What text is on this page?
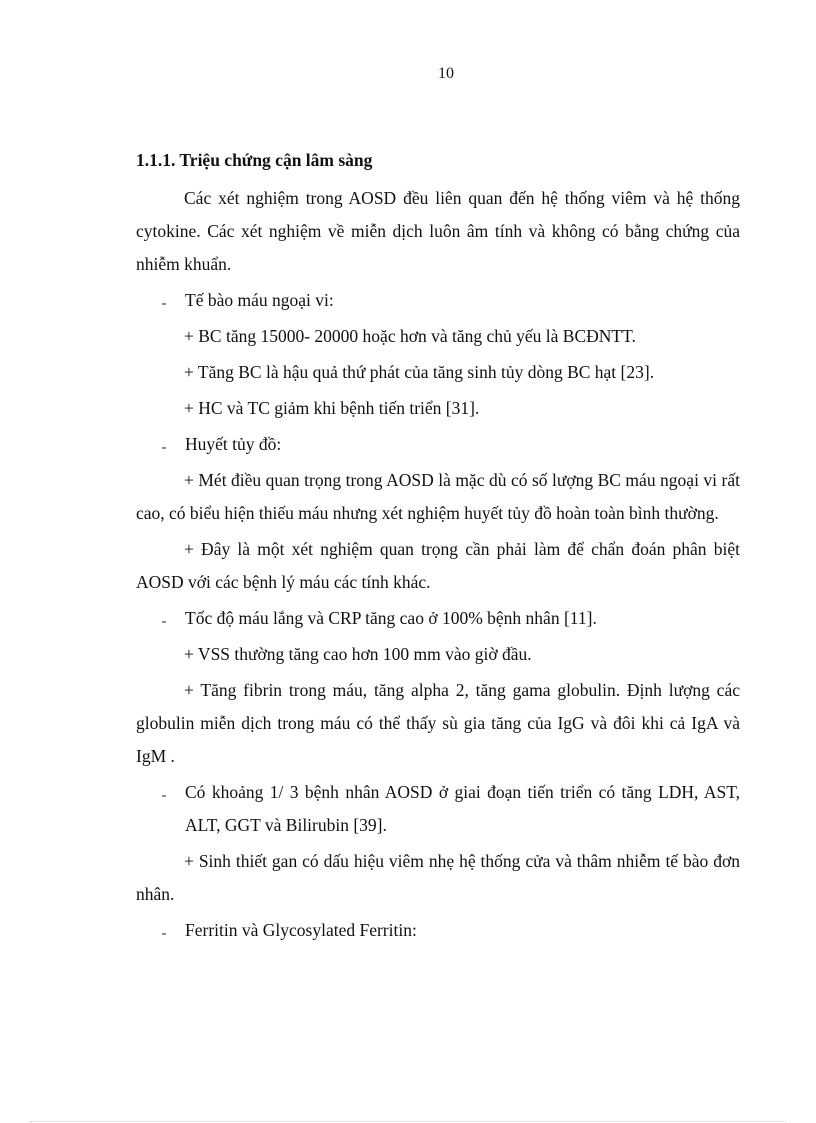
10
1.1.1. Triệu chứng cận lâm sàng

Các xét nghiệm trong AOSD đều liên quan đến hệ thống viêm và hệ thống cytokine. Các xét nghiệm về miễn dịch luôn âm tính và không có bằng chứng của nhiễm khuẩn.

- Tế bào máu ngoại vi:
+ BC tăng 15000- 20000 hoặc hơn và tăng chủ yếu là BCĐNTT.
+ Tăng BC là hậu quả thứ phát của tăng sinh tủy dòng BC hạt [23].
+ HC và TC giảm khi bệnh tiến triển [31].
- Huyết tủy đồ:
+ Mét điều quan trọng trong AOSD là mặc dù có số lượng BC máu ngoại vi rất cao, có biểu hiện thiếu máu nhưng xét nghiệm huyết tủy đồ hoàn toàn bình thường.
+ Đây là một xét nghiệm quan trọng cần phải làm để chẩn đoán phân biệt AOSD với các bệnh lý máu các tính khác.
- Tốc độ máu lắng và CRP tăng cao ở 100% bệnh nhân [11].
+ VSS thường tăng cao hơn 100 mm vào giờ đầu.
+ Tăng fibrin trong máu, tăng alpha 2, tăng gama globulin. Định lượng các globulin miễn dịch trong máu có thể thấy sù gia tăng của IgG và đôi khi cả IgA và IgM .
- Có khoảng 1/ 3 bệnh nhân AOSD ở giai đoạn tiến triển có tăng LDH, AST, ALT, GGT và Bilirubin [39].
+ Sinh thiết gan có dấu hiệu viêm nhẹ hệ thống cửa và thâm nhiễm tế bào đơn nhân.
- Ferritin và Glycosylated Ferritin:
